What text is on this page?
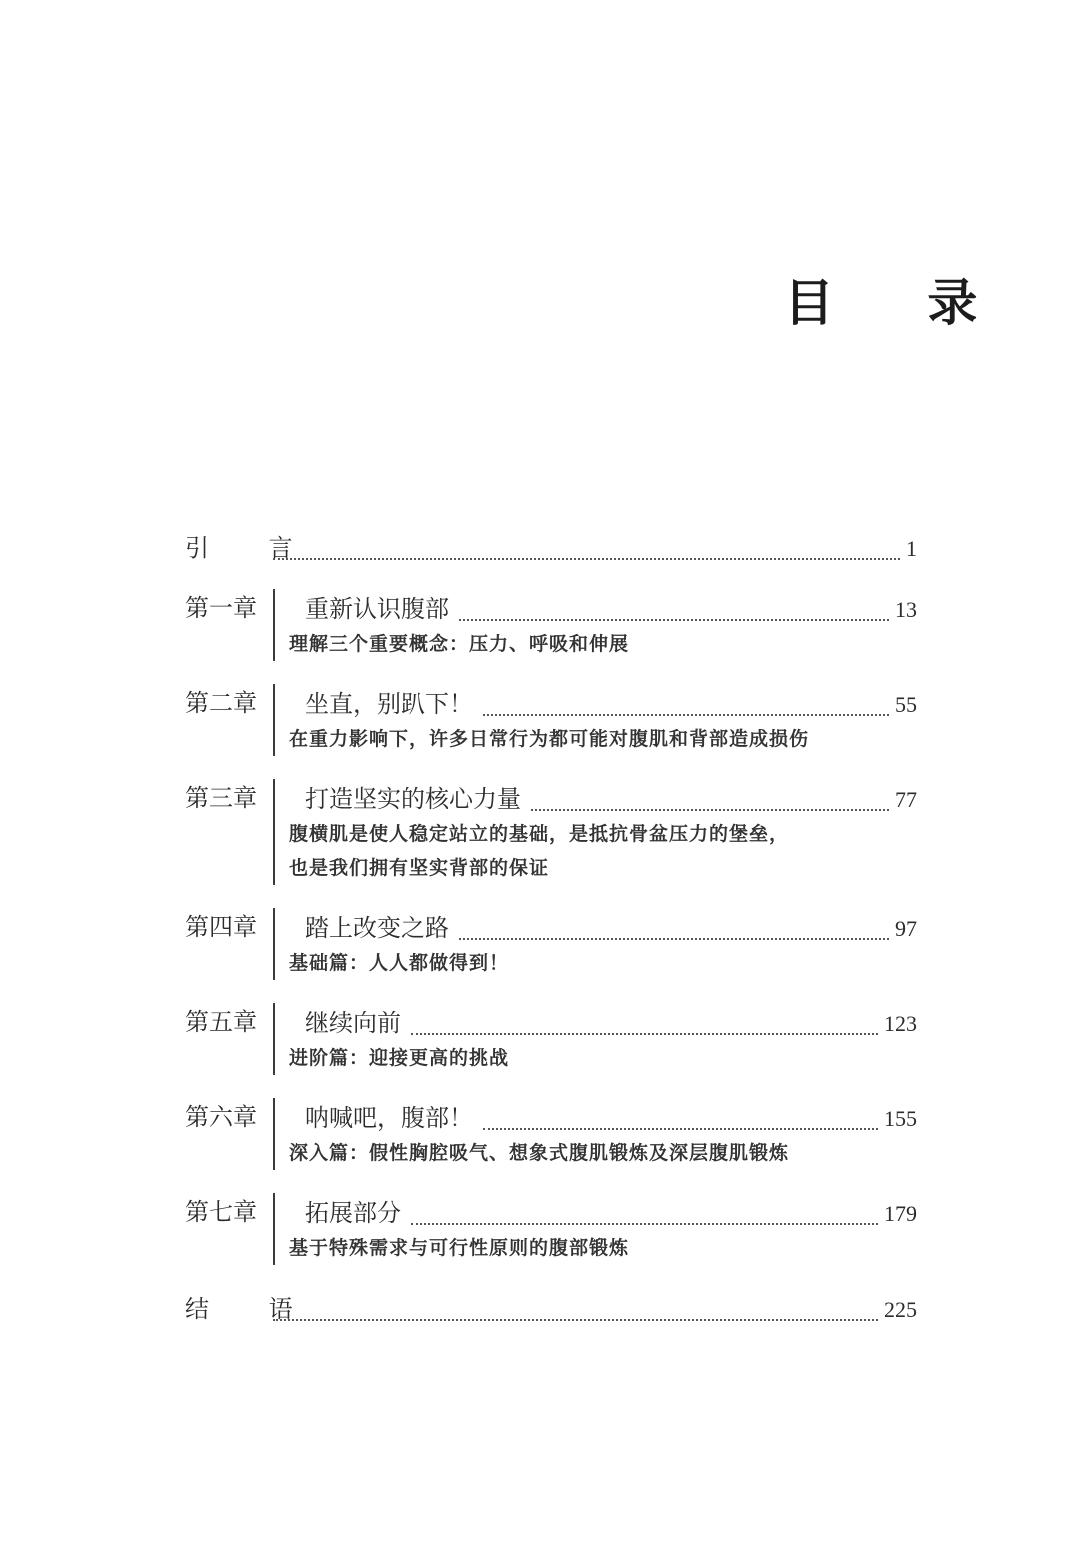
目 录
引 言	1
第一章	重新认识腹部	13
理解三个重要概念：压力、呼吸和伸展
第二章	坐直，别趴下！	55
在重力影响下，许多日常行为都可能对腹肌和背部造成损伤
第三章	打造坚实的核心力量	77
腹横肌是使人稳定站立的基础，是抵抗骨盆压力的堡垒，
也是我们拥有坚实背部的保证
第四章	踏上改变之路	97
基础篇：人人都做得到！
第五章	继续向前	123
进阶篇：迎接更高的挑战
第六章	呐喊吧，腹部！	155
深入篇：假性胸腔吸气、想象式腹肌锻炼及深层腹肌锻炼
第七章	拓展部分	179
基于特殊需求与可行性原则的腹部锻炼
结 语	225
